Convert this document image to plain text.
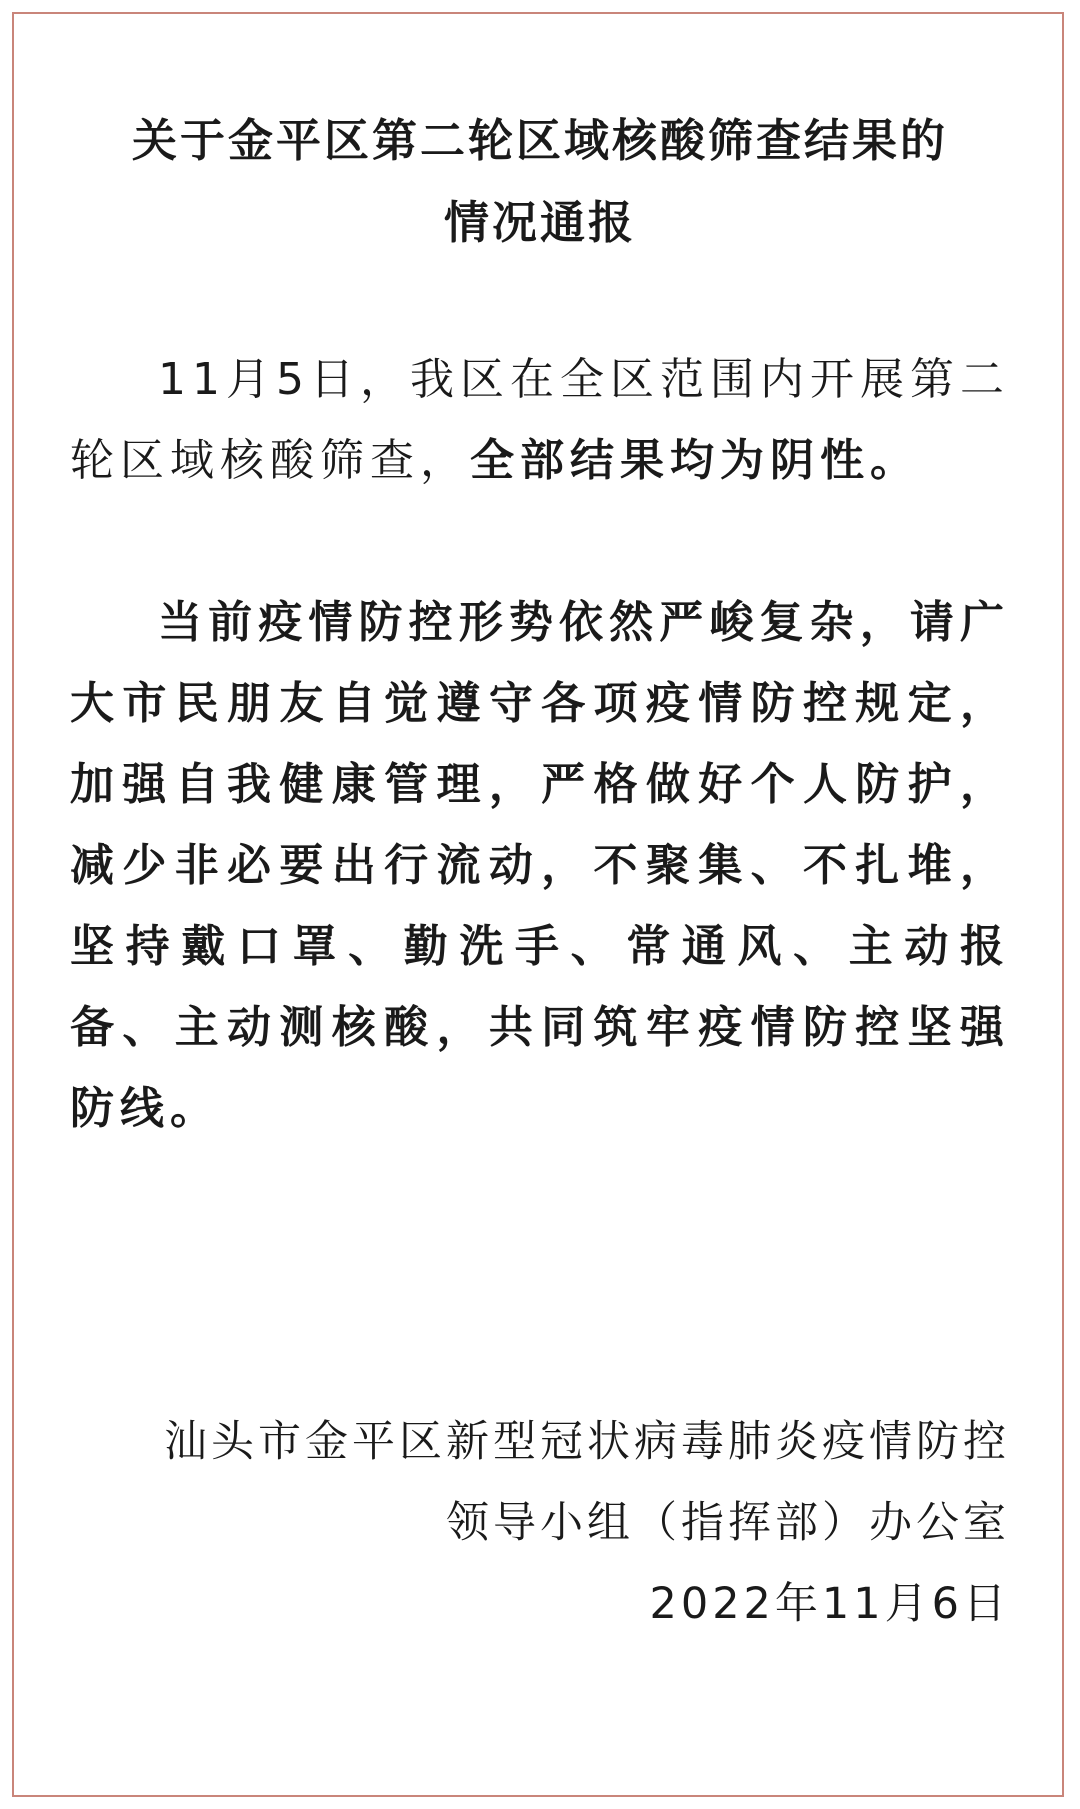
关于金平区第二轮区域核酸筛查结果的
情况通报

11月5日，我区在全区范围内开展第二轮区域核酸筛查，全部结果均为阴性。

当前疫情防控形势依然严峻复杂，请广大市民朋友自觉遵守各项疫情防控规定，加强自我健康管理，严格做好个人防护，减少非必要出行流动，不聚集、不扎堆，坚持戴口罩、勤洗手、常通风、主动报备、主动测核酸，共同筑牢疫情防控坚强防线。

汕头市金平区新型冠状病毒肺炎疫情防控
领导小组（指挥部）办公室
2022年11月6日
